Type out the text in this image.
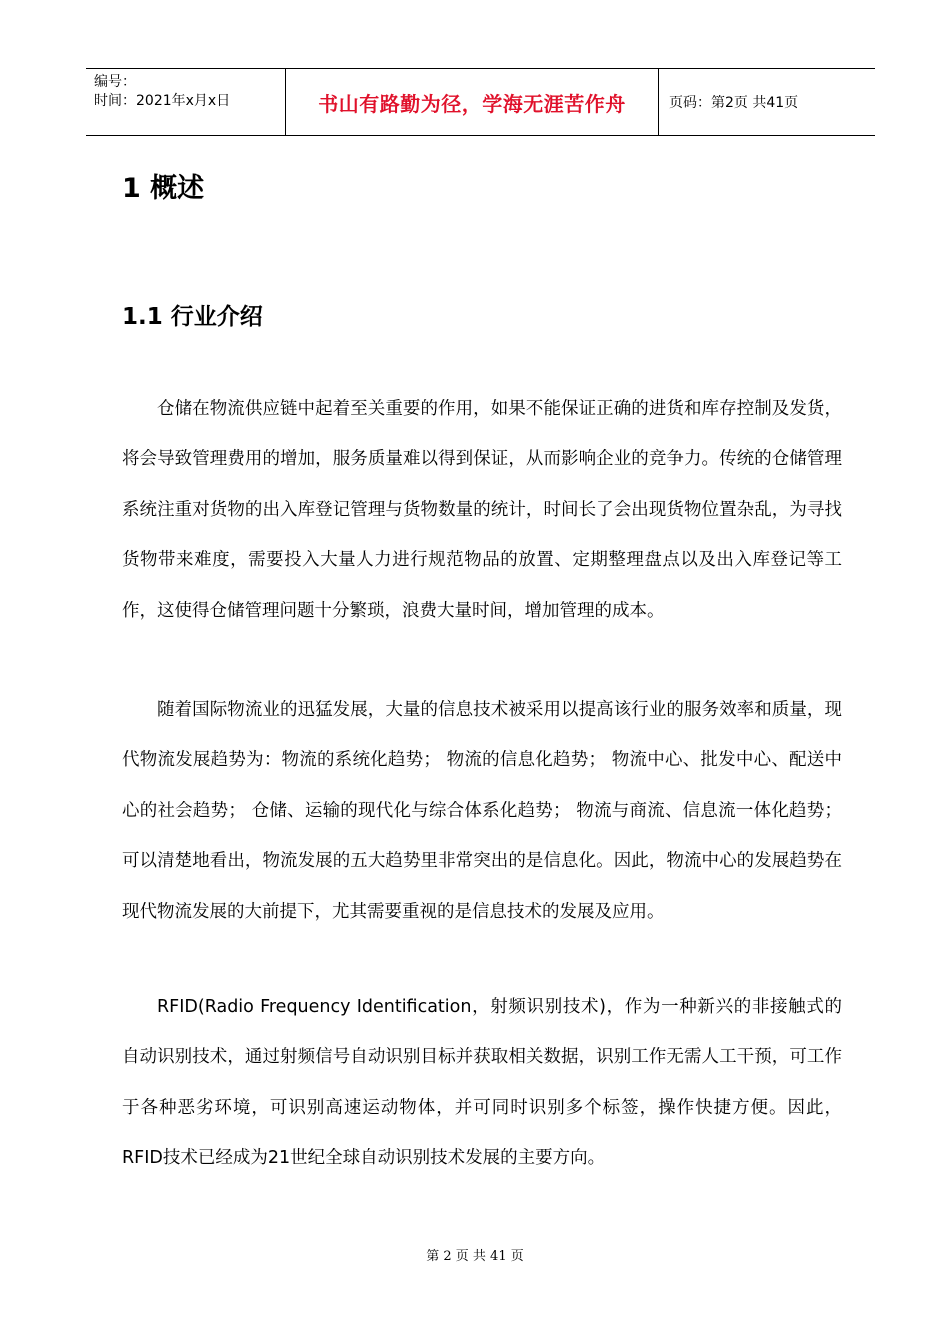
编号：
时间：2021年x月x日	书山有路勤为径，学海无涯苦作舟	页码：第2页 共41页
1 概述
1.1 行业介绍

仓储在物流供应链中起着至关重要的作用，如果不能保证正确的进货和库存控制及发货，将会导致管理费用的增加，服务质量难以得到保证，从而影响企业的竞争力。传统的仓储管理系统注重对货物的出入库登记管理与货物数量的统计，时间长了会出现货物位置杂乱，为寻找货物带来难度，需要投入大量人力进行规范物品的放置、定期整理盘点以及出入库登记等工作，这使得仓储管理问题十分繁琐，浪费大量时间，增加管理的成本。

随着国际物流业的迅猛发展，大量的信息技术被采用以提高该行业的服务效率和质量，现代物流发展趋势为：物流的系统化趋势； 物流的信息化趋势； 物流中心、批发中心、配送中心的社会趋势； 仓储、运输的现代化与综合体系化趋势； 物流与商流、信息流一体化趋势；可以清楚地看出，物流发展的五大趋势里非常突出的是信息化。因此，物流中心的发展趋势在现代物流发展的大前提下，尤其需要重视的是信息技术的发展及应用。

RFID(Radio Frequency Identification，射频识别技术)，作为一种新兴的非接触式的自动识别技术，通过射频信号自动识别目标并获取相关数据，识别工作无需人工干预，可工作于各种恶劣环境，可识别高速运动物体，并可同时识别多个标签，操作快捷方便。因此， RFID技术已经成为21世纪全球自动识别技术发展的主要方向。

第 2 页 共 41 页
